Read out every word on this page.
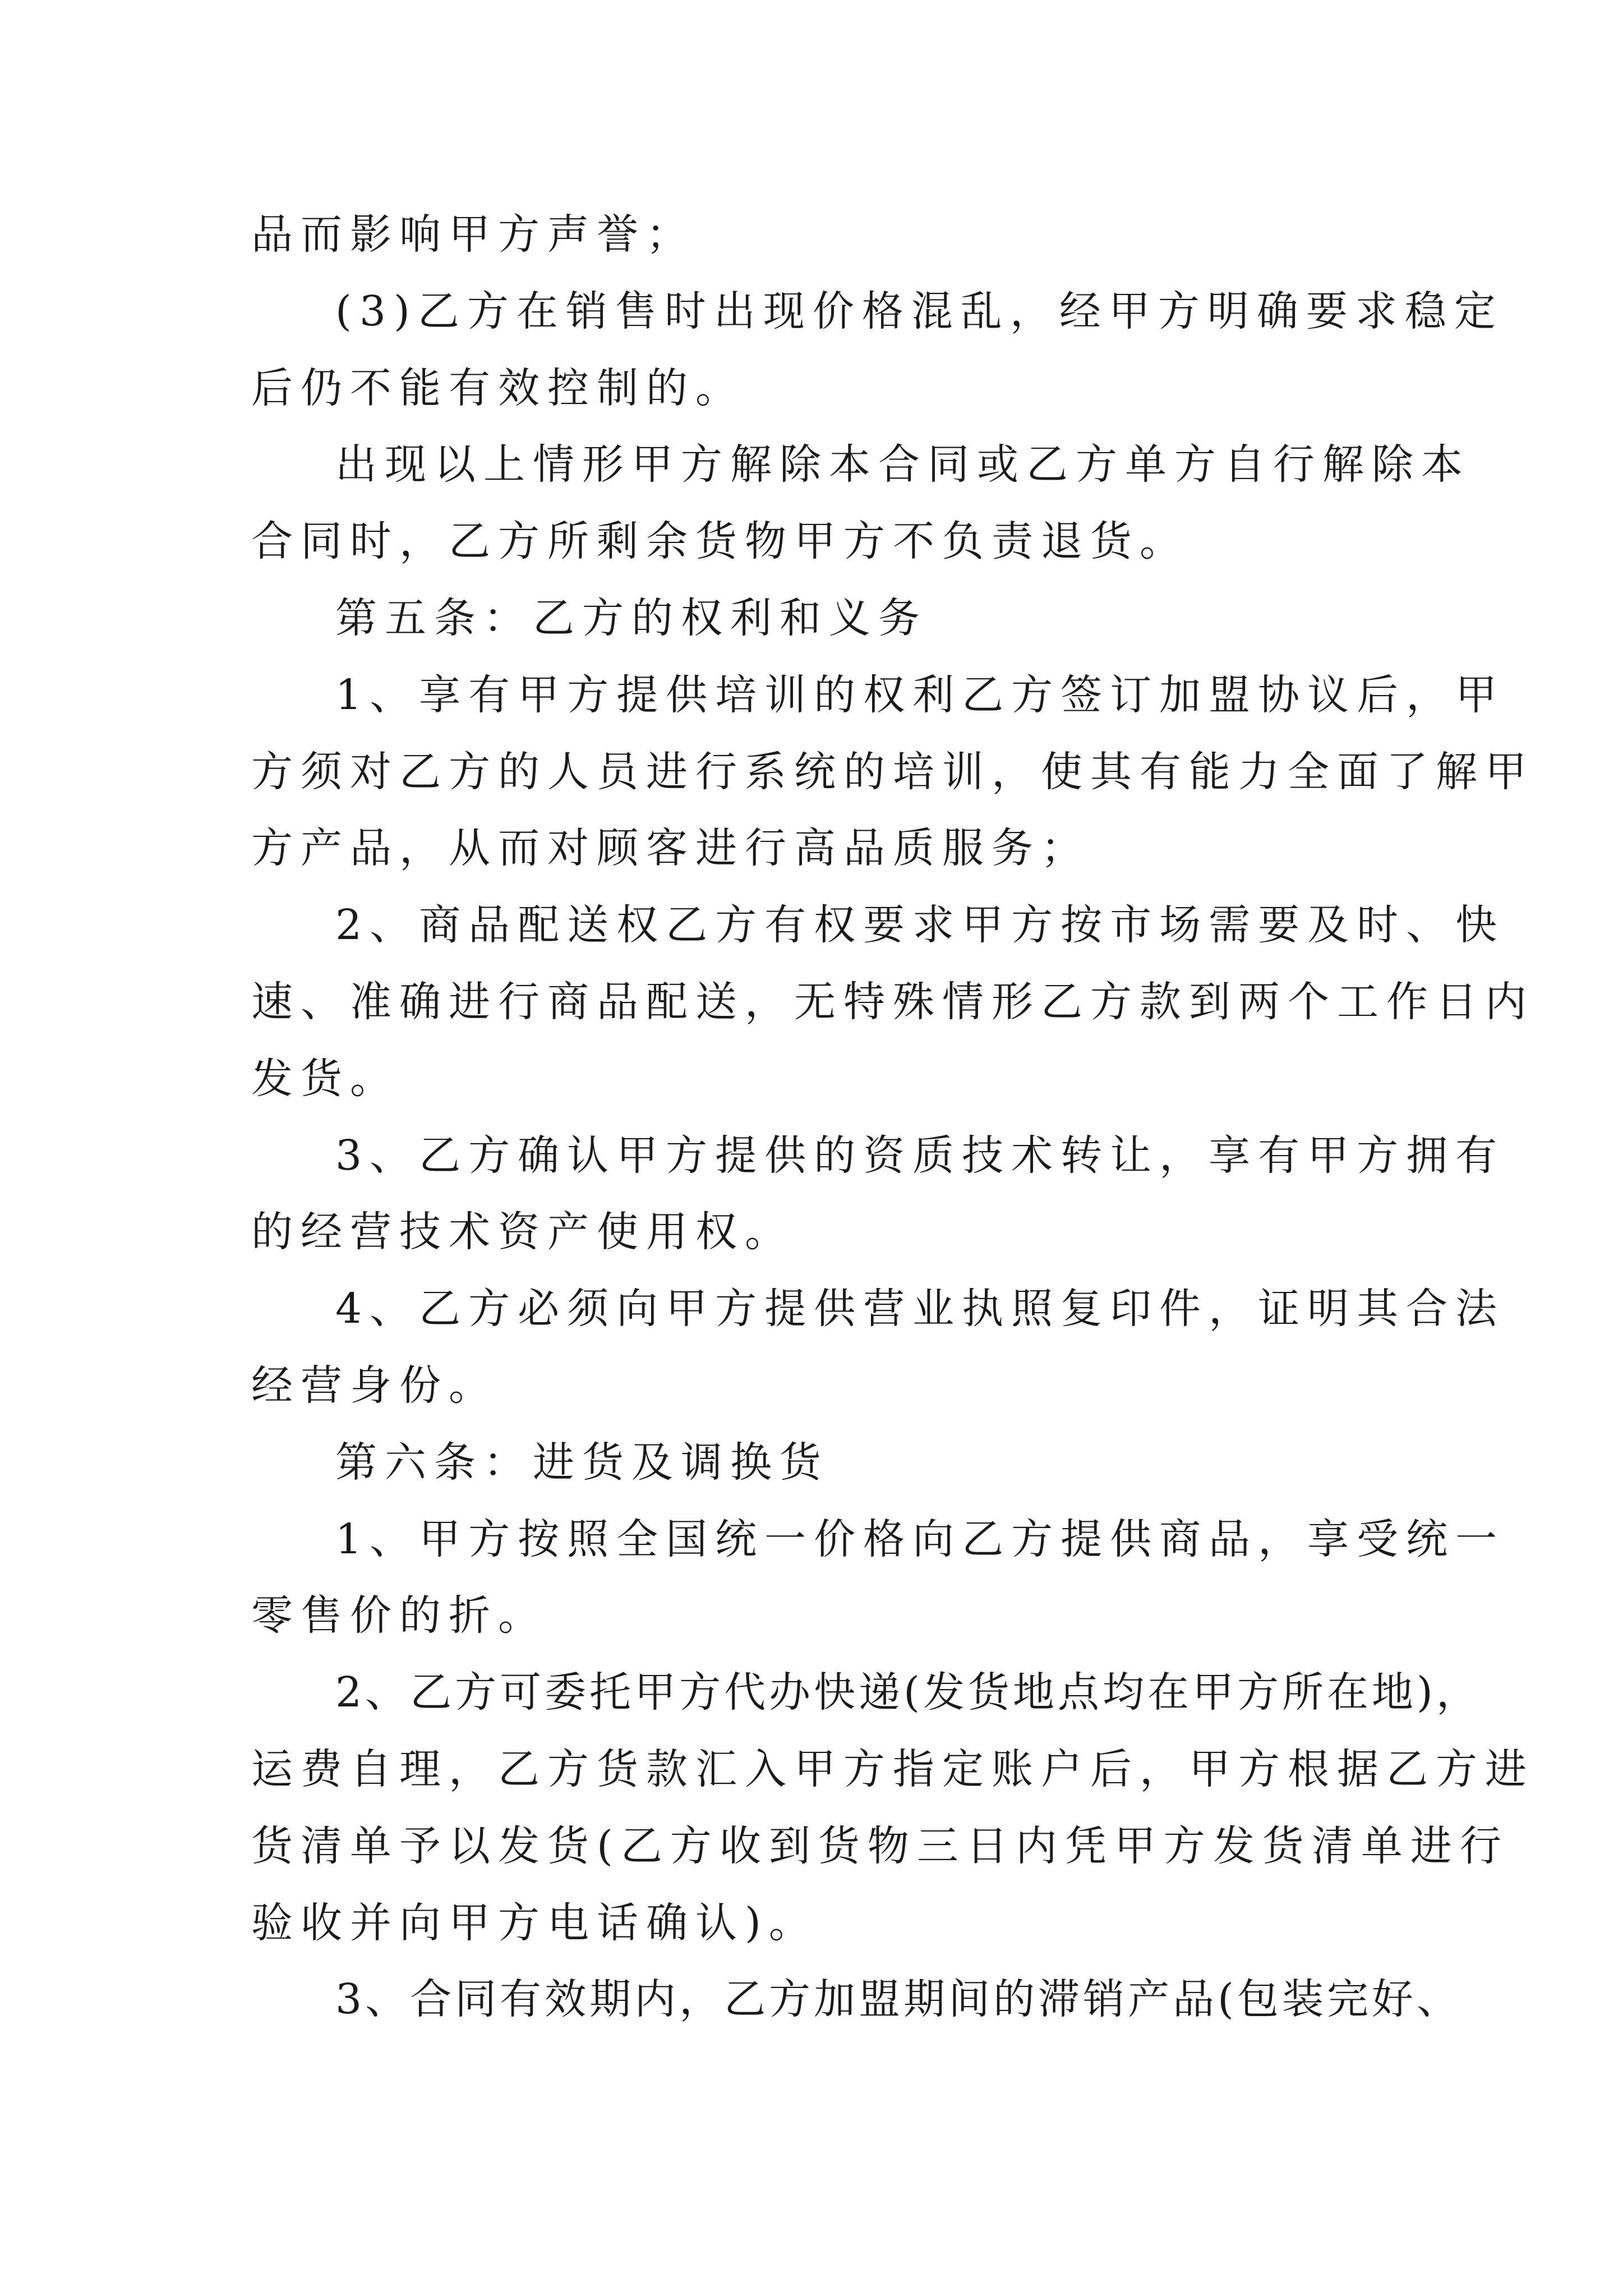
品而影响甲方声誉；
(3)乙方在销售时出现价格混乱，经甲方明确要求稳定
后仍不能有效控制的。
出现以上情形甲方解除本合同或乙方单方自行解除本
合同时，乙方所剩余货物甲方不负责退货。
第五条：乙方的权利和义务
1、享有甲方提供培训的权利乙方签订加盟协议后，甲
方须对乙方的人员进行系统的培训，使其有能力全面了解甲
方产品，从而对顾客进行高品质服务；
2、商品配送权乙方有权要求甲方按市场需要及时、快
速、准确进行商品配送，无特殊情形乙方款到两个工作日内
发货。
3、乙方确认甲方提供的资质技术转让，享有甲方拥有
的经营技术资产使用权。
4、乙方必须向甲方提供营业执照复印件，证明其合法
经营身份。
第六条：进货及调换货
1、甲方按照全国统一价格向乙方提供商品，享受统一
零售价的折。
2、乙方可委托甲方代办快递(发货地点均在甲方所在地)，
运费自理，乙方货款汇入甲方指定账户后，甲方根据乙方进
货清单予以发货(乙方收到货物三日内凭甲方发货清单进行
验收并向甲方电话确认)。
3、合同有效期内，乙方加盟期间的滞销产品(包装完好、
